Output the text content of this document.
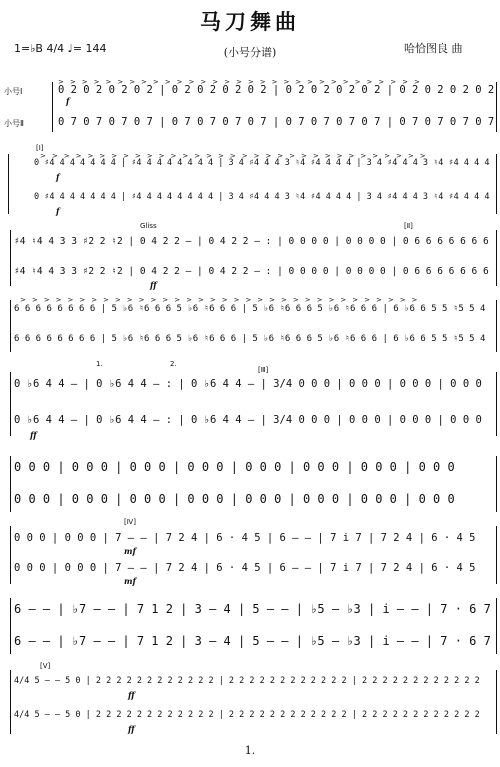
马刀舞曲
(小号分谱)
1=♭B 4/4 ♩= 144	哈恰图良 曲
小号Ⅰ
小号Ⅱ
>>>>>>>>>>>>>>>>>>>>>>>>>>>>>>>
0 2 0 2 0 2 0 2 | 0 2 0 2 0 2 0 2 | 0 2 0 2 0 2 0 2 | 0 2 0 2 0 2 0 2
f
0 7 0 7 0 7 0 7 | 0 7 0 7 0 7 0 7 | 0 7 0 7 0 7 0 7 | 0 7 0 7 0 7 0 7
[Ⅰ]
>>>>>>>>>>>>>>>>>>>>>>>>>>>>>>>>>
0 ♯4 4 4 4 4 4 4 | ♯4 4 4 4 4 4 4 4 | 3 4 ♯4 4 4 3 ♮4 ♯4 4 4 4 | 3 4 ♯4 4 4 3 ♮4 ♯4 4 4 4
f
0 ♯4 4 4 4 4 4 4 | ♯4 4 4 4 4 4 4 4 | 3 4 ♯4 4 4 3 ♮4 ♯4 4 4 4 | 3 4 ♯4 4 4 3 ♮4 ♯4 4 4 4
f
[Ⅱ]
Gliss
♯4 ♮4 4 3 3 ♯2 2 ♮2 | 0 4 2 2 — | 0 4 2 2 — : | 0 0 0 0 | 0 0 0 0 | 0 6 6 6 6 6 6 6
♯4 ♮4 4 3 3 ♯2 2 ♮2 | 0 4 2 2 — | 0 4 2 2 — : | 0 0 0 0 | 0 0 0 0 | 0 6 6 6 6 6 6 6
ff
>>>>>>>>>>>>>>>>>>>>>>>>>>>>>>>>>>
6 6 6 6 6 6 6 6 | 5 ♭6 ♮6 6 6 5 ♭6 ♮6 6 6 | 5 ♭6 ♮6 6 6 5 ♭6 ♮6 6 6 | 6 ♭6 6 5 5 ♮5 5 4
6 6 6 6 6 6 6 6 | 5 ♭6 ♮6 6 6 5 ♭6 ♮6 6 6 | 5 ♭6 ♮6 6 6 5 ♭6 ♮6 6 6 | 6 ♭6 6 5 5 ♮5 5 4
1.	2.
[Ⅲ]
0 ♭6 4 4 — | 0 ♭6 4 4 — : | 0 ♭6 4 4 — | 3/4 0 0 0 | 0 0 0 | 0 0 0 | 0 0 0
0 ♭6 4 4 — | 0 ♭6 4 4 — : | 0 ♭6 4 4 — | 3/4 0 0 0 | 0 0 0 | 0 0 0 | 0 0 0
ff
0 0 0 | 0 0 0 | 0 0 0 | 0 0 0 | 0 0 0 | 0 0 0 | 0 0 0 | 0 0 0
0 0 0 | 0 0 0 | 0 0 0 | 0 0 0 | 0 0 0 | 0 0 0 | 0 0 0 | 0 0 0
[Ⅳ]
0 0 0 | 0 0 0 | 7 — — | 7 2 4 | 6 · 4 5 | 6 — — | 7 i 7 | 7 2 4 | 6 · 4 5
mf
0 0 0 | 0 0 0 | 7 — — | 7 2 4 | 6 · 4 5 | 6 — — | 7 i 7 | 7 2 4 | 6 · 4 5
mf
6 — — | ♭7 — — | 7 1 2 | 3 — 4 | 5 — — | ♭5 — ♭3 | i — — | 7 · 6 7
6 — — | ♭7 — — | 7 1 2 | 3 — 4 | 5 — — | ♭5 — ♭3 | i — — | 7 · 6 7
[Ⅴ]
4/4 5 — — 5 0 | 2 2 2 2 2 2 2 2 2 2 2 2 | 2 2 2 2 2 2 2 2 2 2 2 2 | 2 2 2 2 2 2 2 2 2 2 2 2
ff
4/4 5 — — 5 0 | 2 2 2 2 2 2 2 2 2 2 2 2 | 2 2 2 2 2 2 2 2 2 2 2 2 | 2 2 2 2 2 2 2 2 2 2 2 2
ff
1.
